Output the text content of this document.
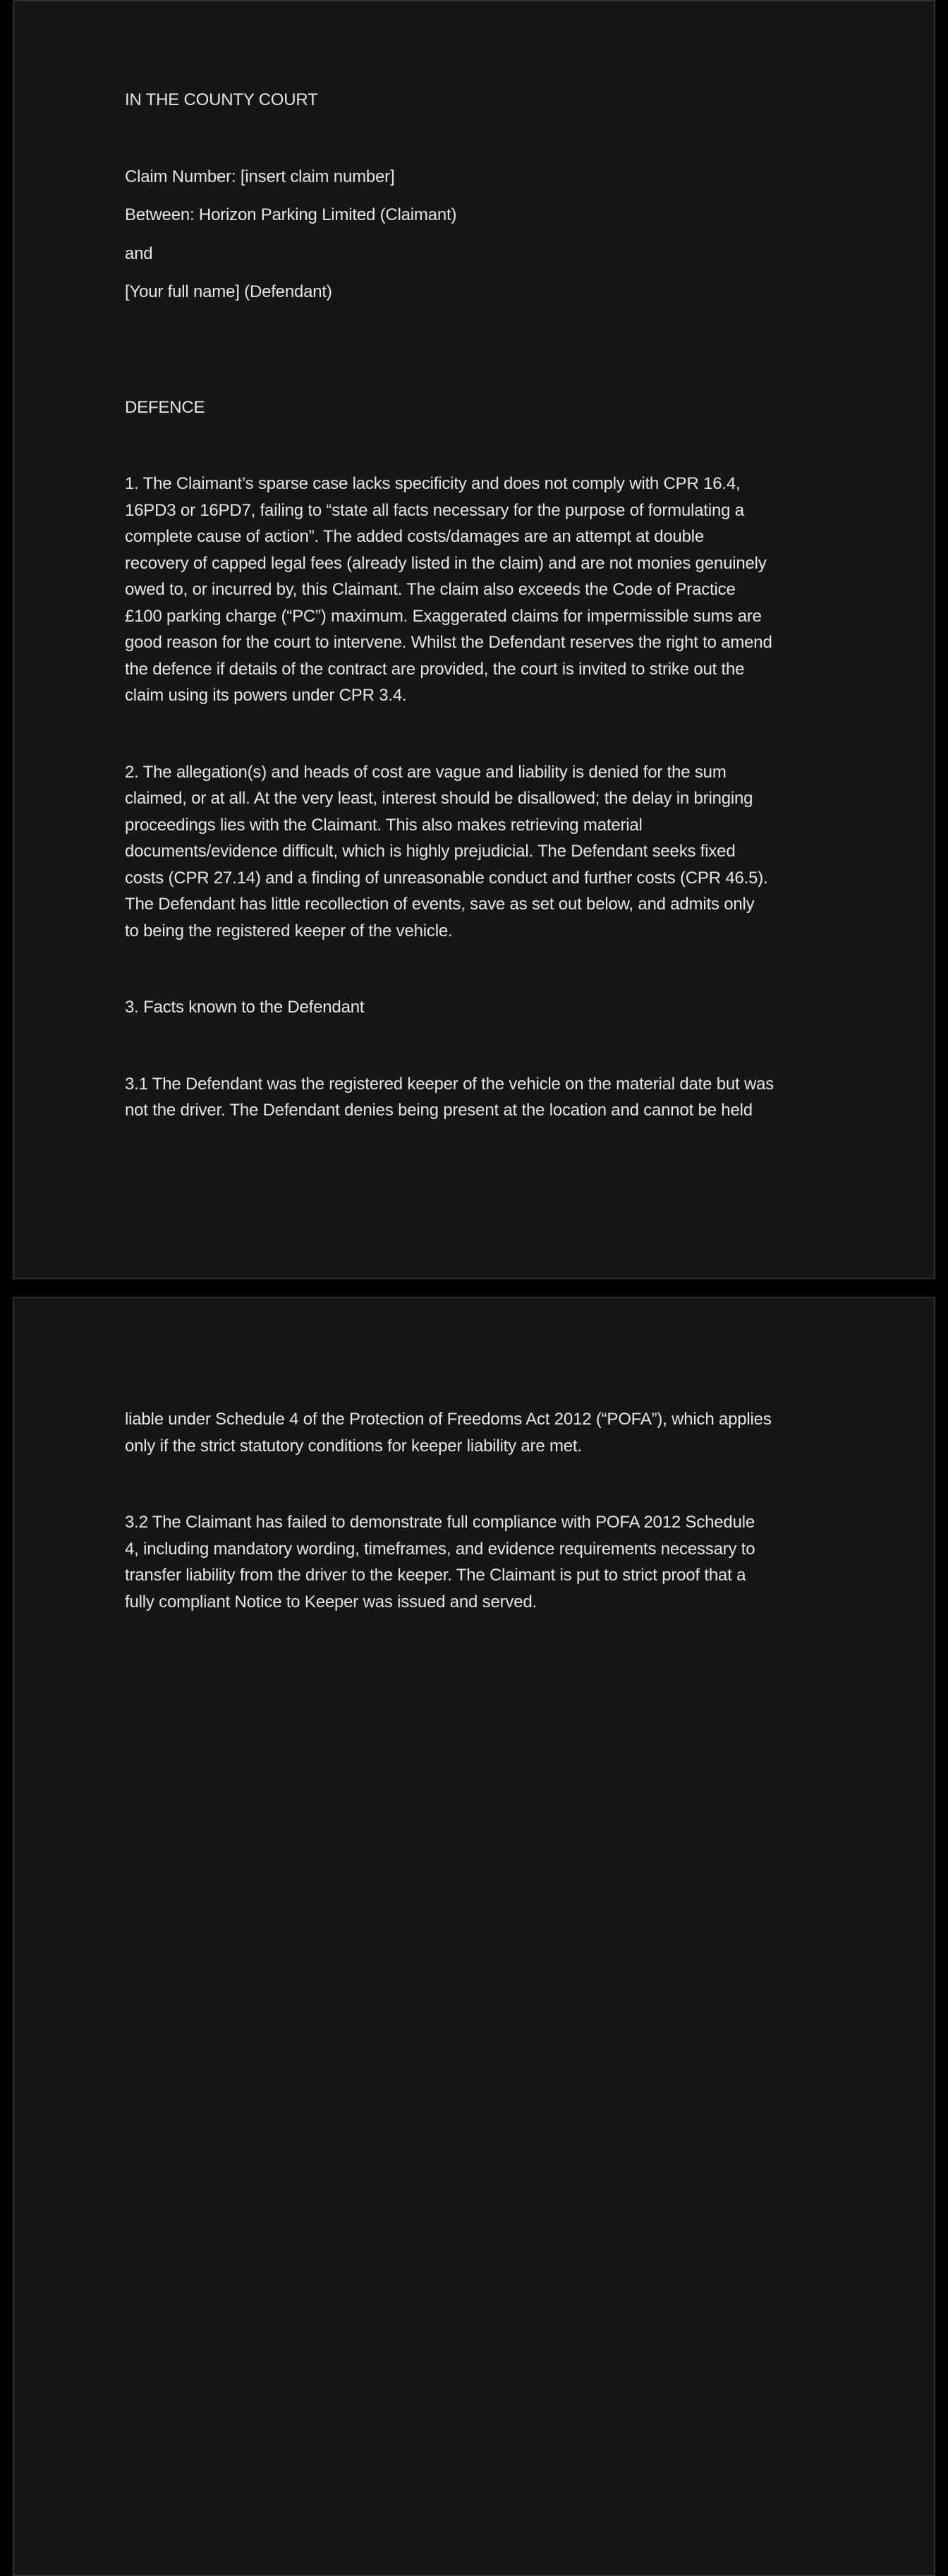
IN THE COUNTY COURT
Claim Number: [insert claim number]
Between: Horizon Parking Limited (Claimant)
and
[Your full name] (Defendant)
DEFENCE
1. The Claimant’s sparse case lacks specificity and does not comply with CPR 16.4,
16PD3 or 16PD7, failing to “state all facts necessary for the purpose of formulating a
complete cause of action”. The added costs/damages are an attempt at double
recovery of capped legal fees (already listed in the claim) and are not monies genuinely
owed to, or incurred by, this Claimant. The claim also exceeds the Code of Practice
£100 parking charge (“PC”) maximum. Exaggerated claims for impermissible sums are
good reason for the court to intervene. Whilst the Defendant reserves the right to amend
the defence if details of the contract are provided, the court is invited to strike out the
claim using its powers under CPR 3.4.
2. The allegation(s) and heads of cost are vague and liability is denied for the sum
claimed, or at all. At the very least, interest should be disallowed; the delay in bringing
proceedings lies with the Claimant. This also makes retrieving material
documents/evidence difficult, which is highly prejudicial. The Defendant seeks fixed
costs (CPR 27.14) and a finding of unreasonable conduct and further costs (CPR 46.5).
The Defendant has little recollection of events, save as set out below, and admits only
to being the registered keeper of the vehicle.
3. Facts known to the Defendant
3.1 The Defendant was the registered keeper of the vehicle on the material date but was
not the driver. The Defendant denies being present at the location and cannot be held
liable under Schedule 4 of the Protection of Freedoms Act 2012 (“POFA”), which applies
only if the strict statutory conditions for keeper liability are met.
3.2 The Claimant has failed to demonstrate full compliance with POFA 2012 Schedule
4, including mandatory wording, timeframes, and evidence requirements necessary to
transfer liability from the driver to the keeper. The Claimant is put to strict proof that a
fully compliant Notice to Keeper was issued and served.
